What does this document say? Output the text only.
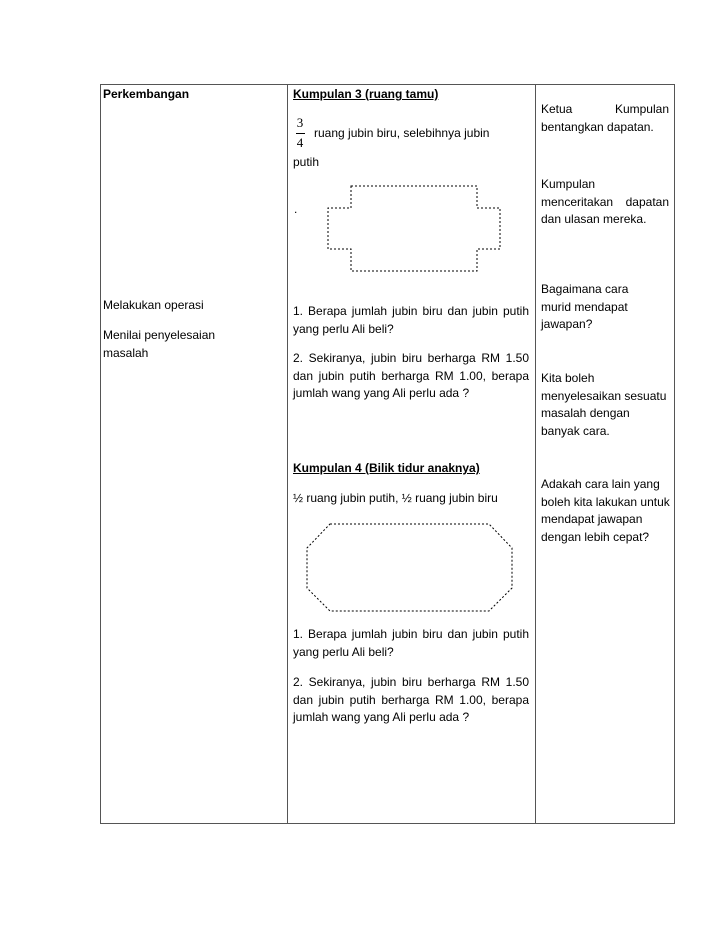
Perkembangan
Melakukan operasi
Menilai penyelesaian masalah
Kumpulan 3 (ruang tamu)
3
4
ruang jubin biru, selebihnya jubin
putih
.
1. Berapa jumlah jubin biru dan jubin putih yang perlu Ali beli?
2. Sekiranya, jubin biru berharga RM 1.50 dan jubin putih berharga RM 1.00, berapa jumlah wang yang Ali perlu ada ?
Kumpulan 4 (Bilik tidur anaknya)
½ ruang jubin putih, ½ ruang jubin biru
1. Berapa jumlah jubin biru dan jubin putih yang perlu Ali beli?
2. Sekiranya, jubin biru berharga RM 1.50 dan jubin putih berharga RM 1.00, berapa jumlah wang yang Ali perlu ada ?
Ketua Kumpulan bentangkan dapatan.
Kumpulan menceritakan dapatan dan ulasan mereka.
Bagaimana cara murid mendapat jawapan?
Kita boleh menyelesaikan sesuatu masalah dengan banyak cara.
Adakah cara lain yang boleh kita lakukan untuk mendapat jawapan dengan lebih cepat?
